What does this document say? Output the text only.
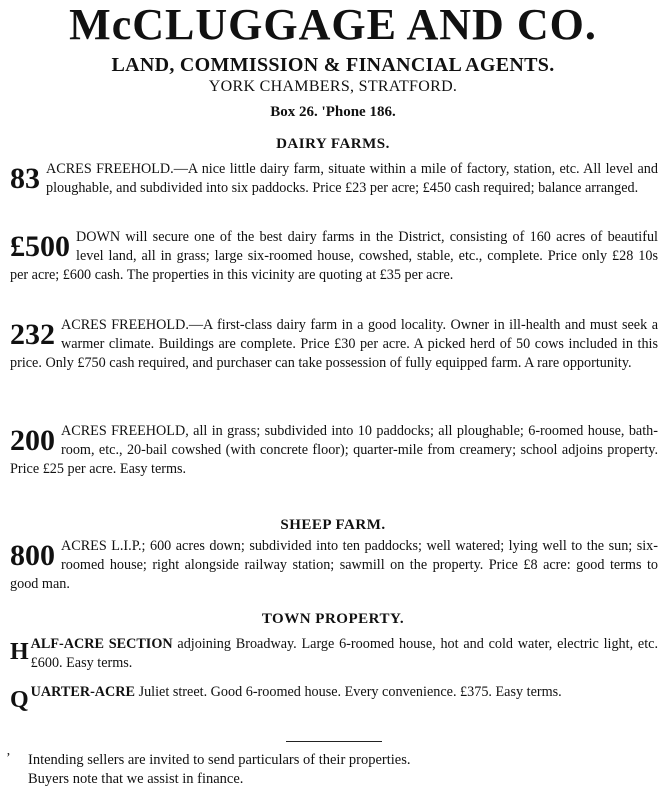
McCLUGGAGE AND CO.
LAND, COMMISSION & FINANCIAL AGENTS.
YORK CHAMBERS, STRATFORD.
Box 26. 'Phone 186.
DAIRY FARMS.

83 ACRES FREEHOLD.—A nice little dairy farm, situate within a mile of factory, station, etc. All level and ploughable, and subdivided into six paddocks. Price £23 per acre; £450 cash required; balance arranged.

£500 DOWN will secure one of the best dairy farms in the District, consisting of 160 acres of beautiful level land, all in grass; large six-roomed house, cowshed, stable, etc., complete. Price only £28 10s per acre; £600 cash. The properties in this vicinity are quoting at £35 per acre.

232 ACRES FREEHOLD.—A first-class dairy farm in a good locality. Owner in ill-health and must seek a warmer climate. Buildings are complete. Price £30 per acre. A picked herd of 50 cows included in this price. Only £750 cash required, and purchaser can take possession of fully equipped farm. A rare opportunity.

200 ACRES FREEHOLD, all in grass; subdivided into 10 paddocks; all ploughable; 6-roomed house, bath-room, etc., 20-bail cowshed (with concrete floor); quarter-mile from creamery; school adjoins property. Price £25 per acre. Easy terms.

SHEEP FARM.

800 ACRES L.I.P.; 600 acres down; subdivided into ten paddocks; well watered; lying well to the sun; six-roomed house; right alongside railway station; sawmill on the property. Price £8 acre: good terms to good man.

TOWN PROPERTY.

H ALF-ACRE SECTION adjoining Broadway. Large 6-roomed house, hot and cold water, electric light, etc. £600. Easy terms.

Q UARTER-ACRE Juliet street. Good 6-roomed house. Every convenience. £375. Easy terms.

’ Intending sellers are invited to send particulars of their properties.
Buyers note that we assist in finance.
